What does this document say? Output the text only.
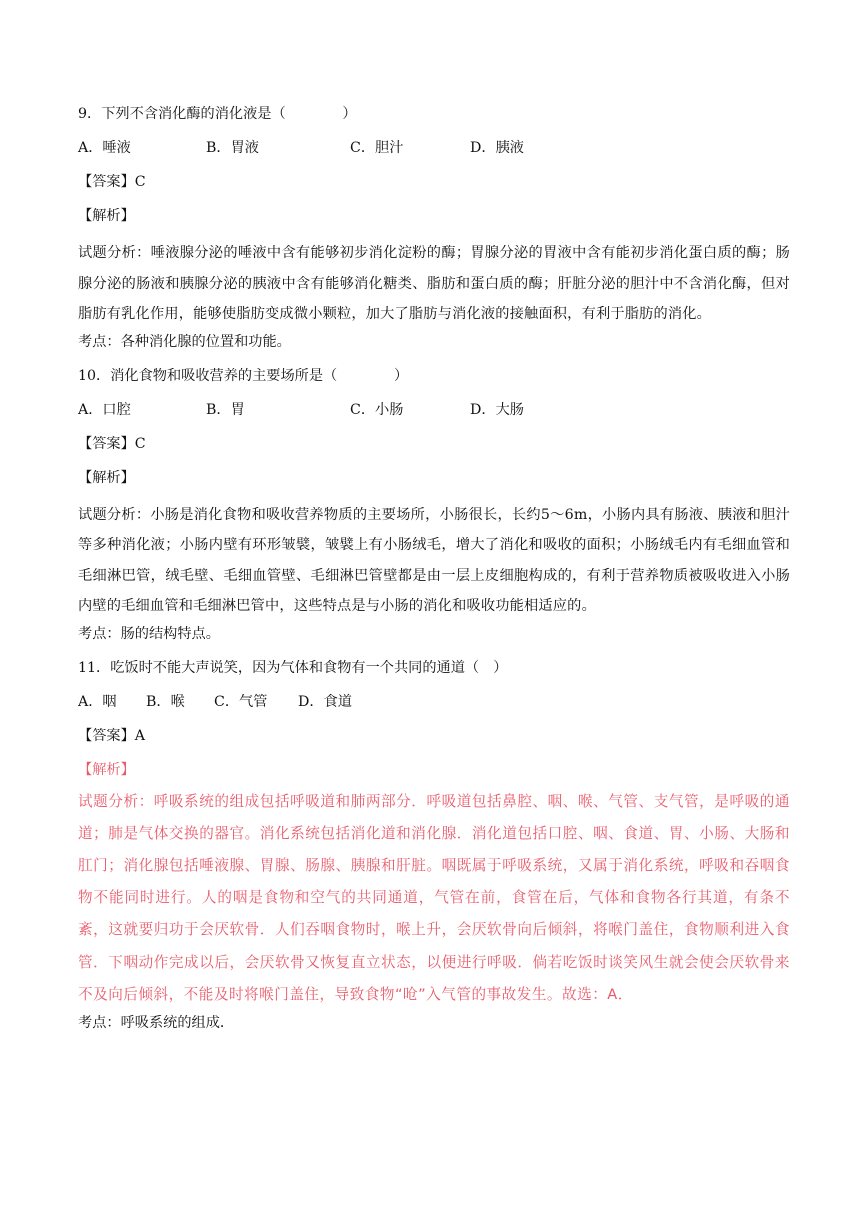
9．下列不含消化酶的消化液是（　　　　）
A．唾液	B．胃液	C．胆汁	D．胰液
【答案】C
【解析】
试题分析：唾液腺分泌的唾液中含有能够初步消化淀粉的酶；胃腺分泌的胃液中含有能初步消化蛋白质的酶；肠腺分泌的肠液和胰腺分泌的胰液中含有能够消化糖类、脂肪和蛋白质的酶；肝脏分泌的胆汁中不含消化酶，但对脂肪有乳化作用，能够使脂肪变成微小颗粒，加大了脂肪与消化液的接触面积，有利于脂肪的消化。
考点：各种消化腺的位置和功能。
10．消化食物和吸收营养的主要场所是（　　　　）
A．口腔	B．胃	C．小肠	D．大肠
【答案】C
【解析】
试题分析：小肠是消化食物和吸收营养物质的主要场所，小肠很长，长约5～6m，小肠内具有肠液、胰液和胆汁等多种消化液；小肠内壁有环形皱襞，皱襞上有小肠绒毛，增大了消化和吸收的面积；小肠绒毛内有毛细血管和毛细淋巴管，绒毛壁、毛细血管壁、毛细淋巴管壁都是由一层上皮细胞构成的，有利于营养物质被吸收进入小肠内壁的毛细血管和毛细淋巴管中，这些特点是与小肠的消化和吸收功能相适应的。
考点：肠的结构特点。
11．吃饭时不能大声说笑，因为气体和食物有一个共同的通道（　）
A．咽	B．喉	C．气管	D．食道
【答案】A
【解析】
试题分析：呼吸系统的组成包括呼吸道和肺两部分．呼吸道包括鼻腔、咽、喉、气管、支气管，是呼吸的通道；肺是气体交换的器官。消化系统包括消化道和消化腺．消化道包括口腔、咽、食道、胃、小肠、大肠和肛门；消化腺包括唾液腺、胃腺、肠腺、胰腺和肝脏。咽既属于呼吸系统，又属于消化系统，呼吸和吞咽食物不能同时进行。人的咽是食物和空气的共同通道，气管在前，食管在后，气体和食物各行其道，有条不紊，这就要归功于会厌软骨．人们吞咽食物时，喉上升，会厌软骨向后倾斜，将喉门盖住，食物顺利进入食管．下咽动作完成以后，会厌软骨又恢复直立状态，以便进行呼吸．倘若吃饭时谈笑风生就会使会厌软骨来不及向后倾斜，不能及时将喉门盖住，导致食物“呛”入气管的事故发生。故选：A．
考点：呼吸系统的组成．
